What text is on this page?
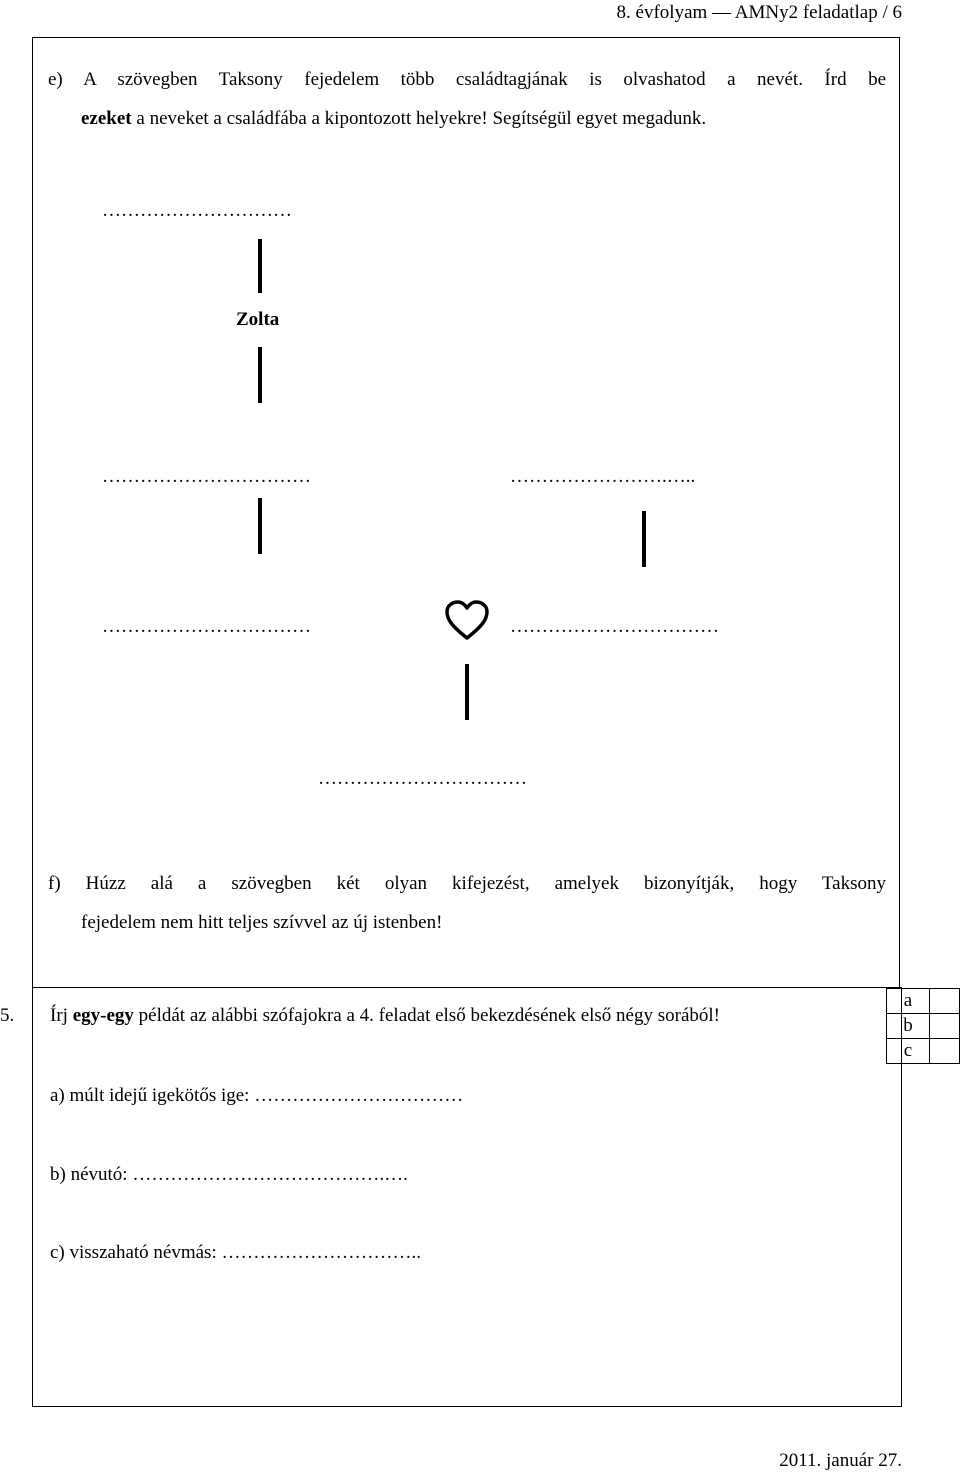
8. évfolyam — AMNy2 feladatlap / 6
e) A szövegben Taksony fejedelem több családtagjának is olvashatod a nevét. Írd be
ezeket a neveket a családfába a kipontozott helyekre! Segítségül egyet megadunk.
…………………………
Zolta
……………………………	…………………….…..
……………………………	……………………………
……………………………
f) Húzz alá a szövegben két olyan kifejezést, amelyek bizonyítják, hogy Taksony
fejedelem nem hitt teljes szívvel az új istenben!
5. Írj egy-egy példát az alábbi szófajokra a 4. feladat első bekezdésének első négy sorából!
a	
b	
c	
a) múlt idejű igekötős ige: ……………………………
b) névutó: ………………………………….….
c) visszaható névmás: …………………………..
2011. január 27.
